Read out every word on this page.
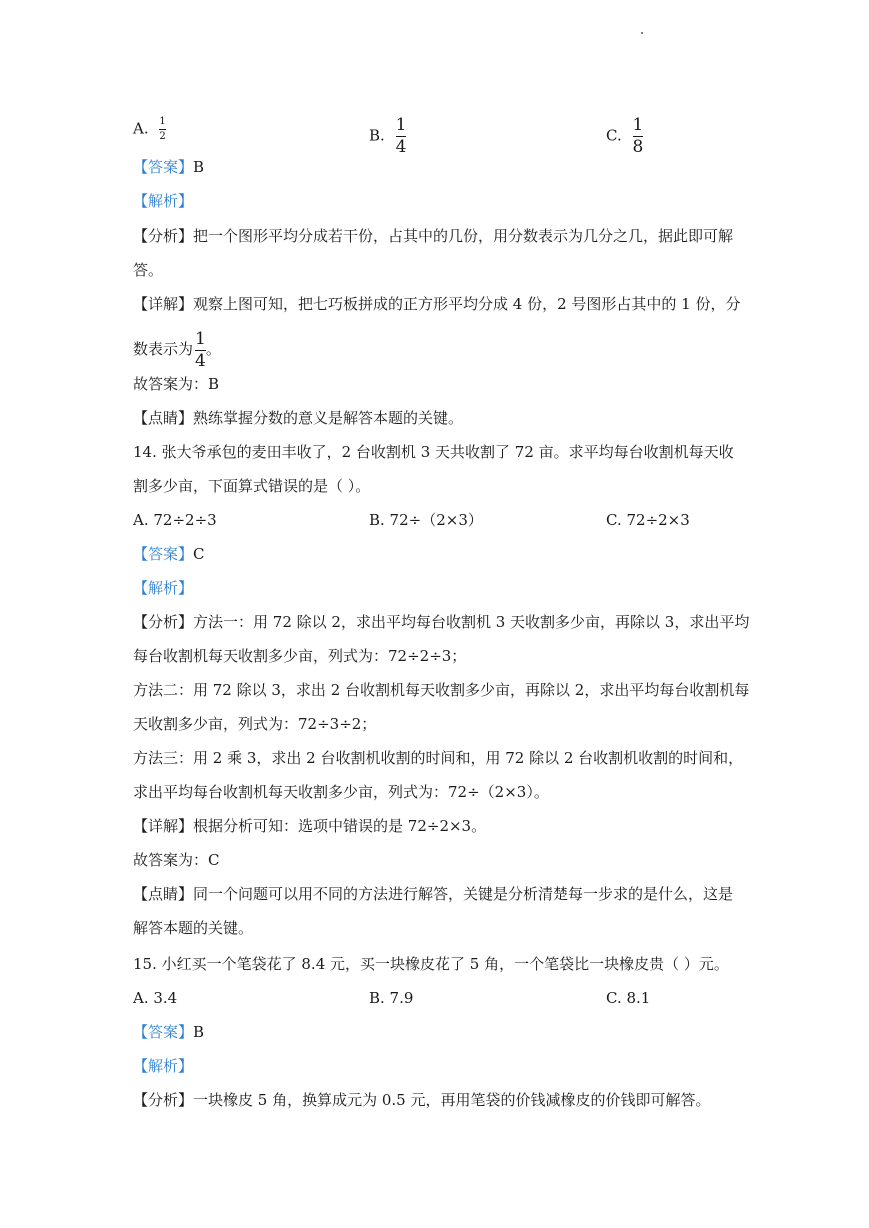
A. $\frac{1}{2}$	B. $\frac{1}{4}$	C. $\frac{1}{8}$
【答案】B
【解析】
【分析】把一个图形平均分成若干份，占其中的几份，用分数表示为几分之几，据此即可解
答。
【详解】观察上图可知，把七巧板拼成的正方形平均分成 4 份，2 号图形占其中的 1 份，分
数表示为 $\frac{1}{4}$ 。
故答案为：B
【点睛】熟练掌握分数的意义是解答本题的关键。
14. 张大爷承包的麦田丰收了，2 台收割机 3 天共收割了 72 亩。求平均每台收割机每天收
割多少亩，下面算式错误的是（ ）。
A. 72÷2÷3	B. 72÷（2×3）	C. 72÷2×3
【答案】C
【解析】
【分析】方法一：用 72 除以 2，求出平均每台收割机 3 天收割多少亩，再除以 3，求出平均
每台收割机每天收割多少亩，列式为：72÷2÷3；
方法二：用 72 除以 3，求出 2 台收割机每天收割多少亩，再除以 2，求出平均每台收割机每
天收割多少亩，列式为：72÷3÷2；
方法三：用 2 乘 3，求出 2 台收割机收割的时间和，用 72 除以 2 台收割机收割的时间和，
求出平均每台收割机每天收割多少亩，列式为：72÷（2×3）。
【详解】根据分析可知：选项中错误的是 72÷2×3。
故答案为：C
【点睛】同一个问题可以用不同的方法进行解答，关键是分析清楚每一步求的是什么，这是
解答本题的关键。
15. 小红买一个笔袋花了 8.4 元，买一块橡皮花了 5 角，一个笔袋比一块橡皮贵（ ）元。
A. 3.4	B. 7.9	C. 8.1
【答案】B
【解析】
【分析】一块橡皮 5 角，换算成元为 0.5 元，再用笔袋的价钱减橡皮的价钱即可解答。
